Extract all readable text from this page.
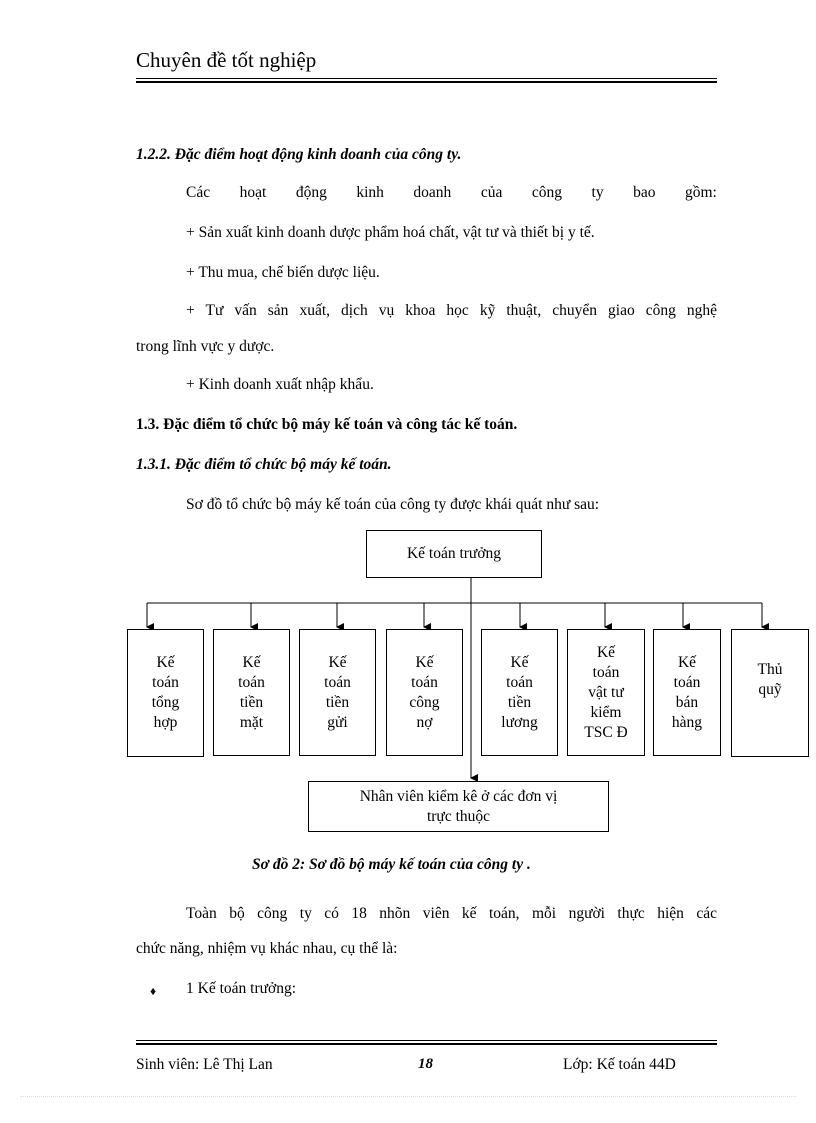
Chuyên đề tốt nghiệp
1.2.2. Đặc điểm hoạt động kinh doanh của công ty.
Các hoạt động kinh doanh của công ty bao gồm:
+ Sản xuất kinh doanh dược phẩm hoá chất, vật tư và thiết bị y tế.
+ Thu mua, chế biến dược liệu.
+ Tư vấn sản xuất, dịch vụ khoa học kỹ thuật, chuyển giao công nghệ
trong lĩnh vực y dược.
+ Kinh doanh xuất nhập khẩu.
1.3. Đặc điểm tổ chức bộ máy kế toán và công tác kế toán.
1.3.1. Đặc điểm tổ chức bộ máy kế toán.
Sơ đồ tổ chức bộ máy kế toán của công ty được khái quát như sau:
Kế toán trưởng
Kế
toán
tổng
hợp
Kế
toán
tiền
mặt
Kế
toán
tiền
gửi
Kế
toán
công
nợ
Kế
toán
tiền
lương
Kế
toán
vật tư
kiểm
TSC Đ
Kế
toán
bán
hàng
Thủ
quỹ
Nhân viên kiểm kê ở các đơn vị
trực thuộc
Sơ đồ 2: Sơ đồ bộ máy kế toán của công ty .
Toàn bộ công ty có 18 nhõn viên kế toán, mỗi người thực hiện các
chức năng, nhiệm vụ khác nhau, cụ thể là:
♦ 1 Kế toán trưởng:
Sinh viên: Lê Thị Lan	18	Lớp: Kế toán 44D
